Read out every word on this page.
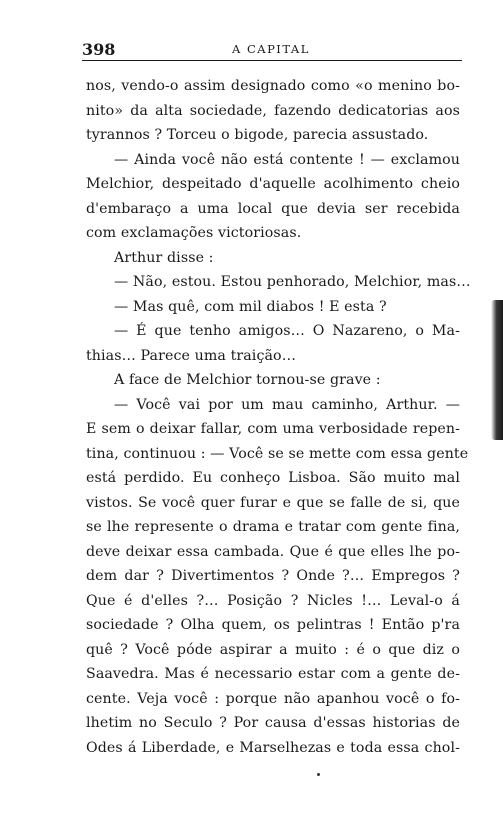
398	A CAPITAL
nos, vendo-o assim designado como «o menino bo-
nito» da alta sociedade, fazendo dedicatorias aos
tyrannos ? Torceu o bigode, parecia assustado.
— Ainda você não está contente ! — exclamou
Melchior, despeitado d'aquelle acolhimento cheio
d'embaraço a uma local que devia ser recebida
com exclamações victoriosas.
Arthur disse :
— Não, estou. Estou penhorado, Melchior, mas…
— Mas quê, com mil diabos ! E esta ?
— É que tenho amigos… O Nazareno, o Ma-
thias… Parece uma traição…
A face de Melchior tornou-se grave :
— Você vai por um mau caminho, Arthur. —
E sem o deixar fallar, com uma verbosidade repen-
tina, continuou : — Você se se mette com essa gente
está perdido. Eu conheço Lisboa. São muito mal
vistos. Se você quer furar e que se falle de si, que
se lhe represente o drama e tratar com gente fina,
deve deixar essa cambada. Que é que elles lhe po-
dem dar ? Divertimentos ? Onde ?… Empregos ?
Que é d'elles ?… Posição ? Nicles !… Leval-o á
sociedade ? Olha quem, os pelintras ! Então p'ra
quê ? Você póde aspirar a muito : é o que diz o
Saavedra. Mas é necessario estar com a gente de-
cente. Veja você : porque não apanhou você o fo-
lhetim no Seculo ? Por causa d'essas historias de
Odes á Liberdade, e Marselhezas e toda essa chol-
